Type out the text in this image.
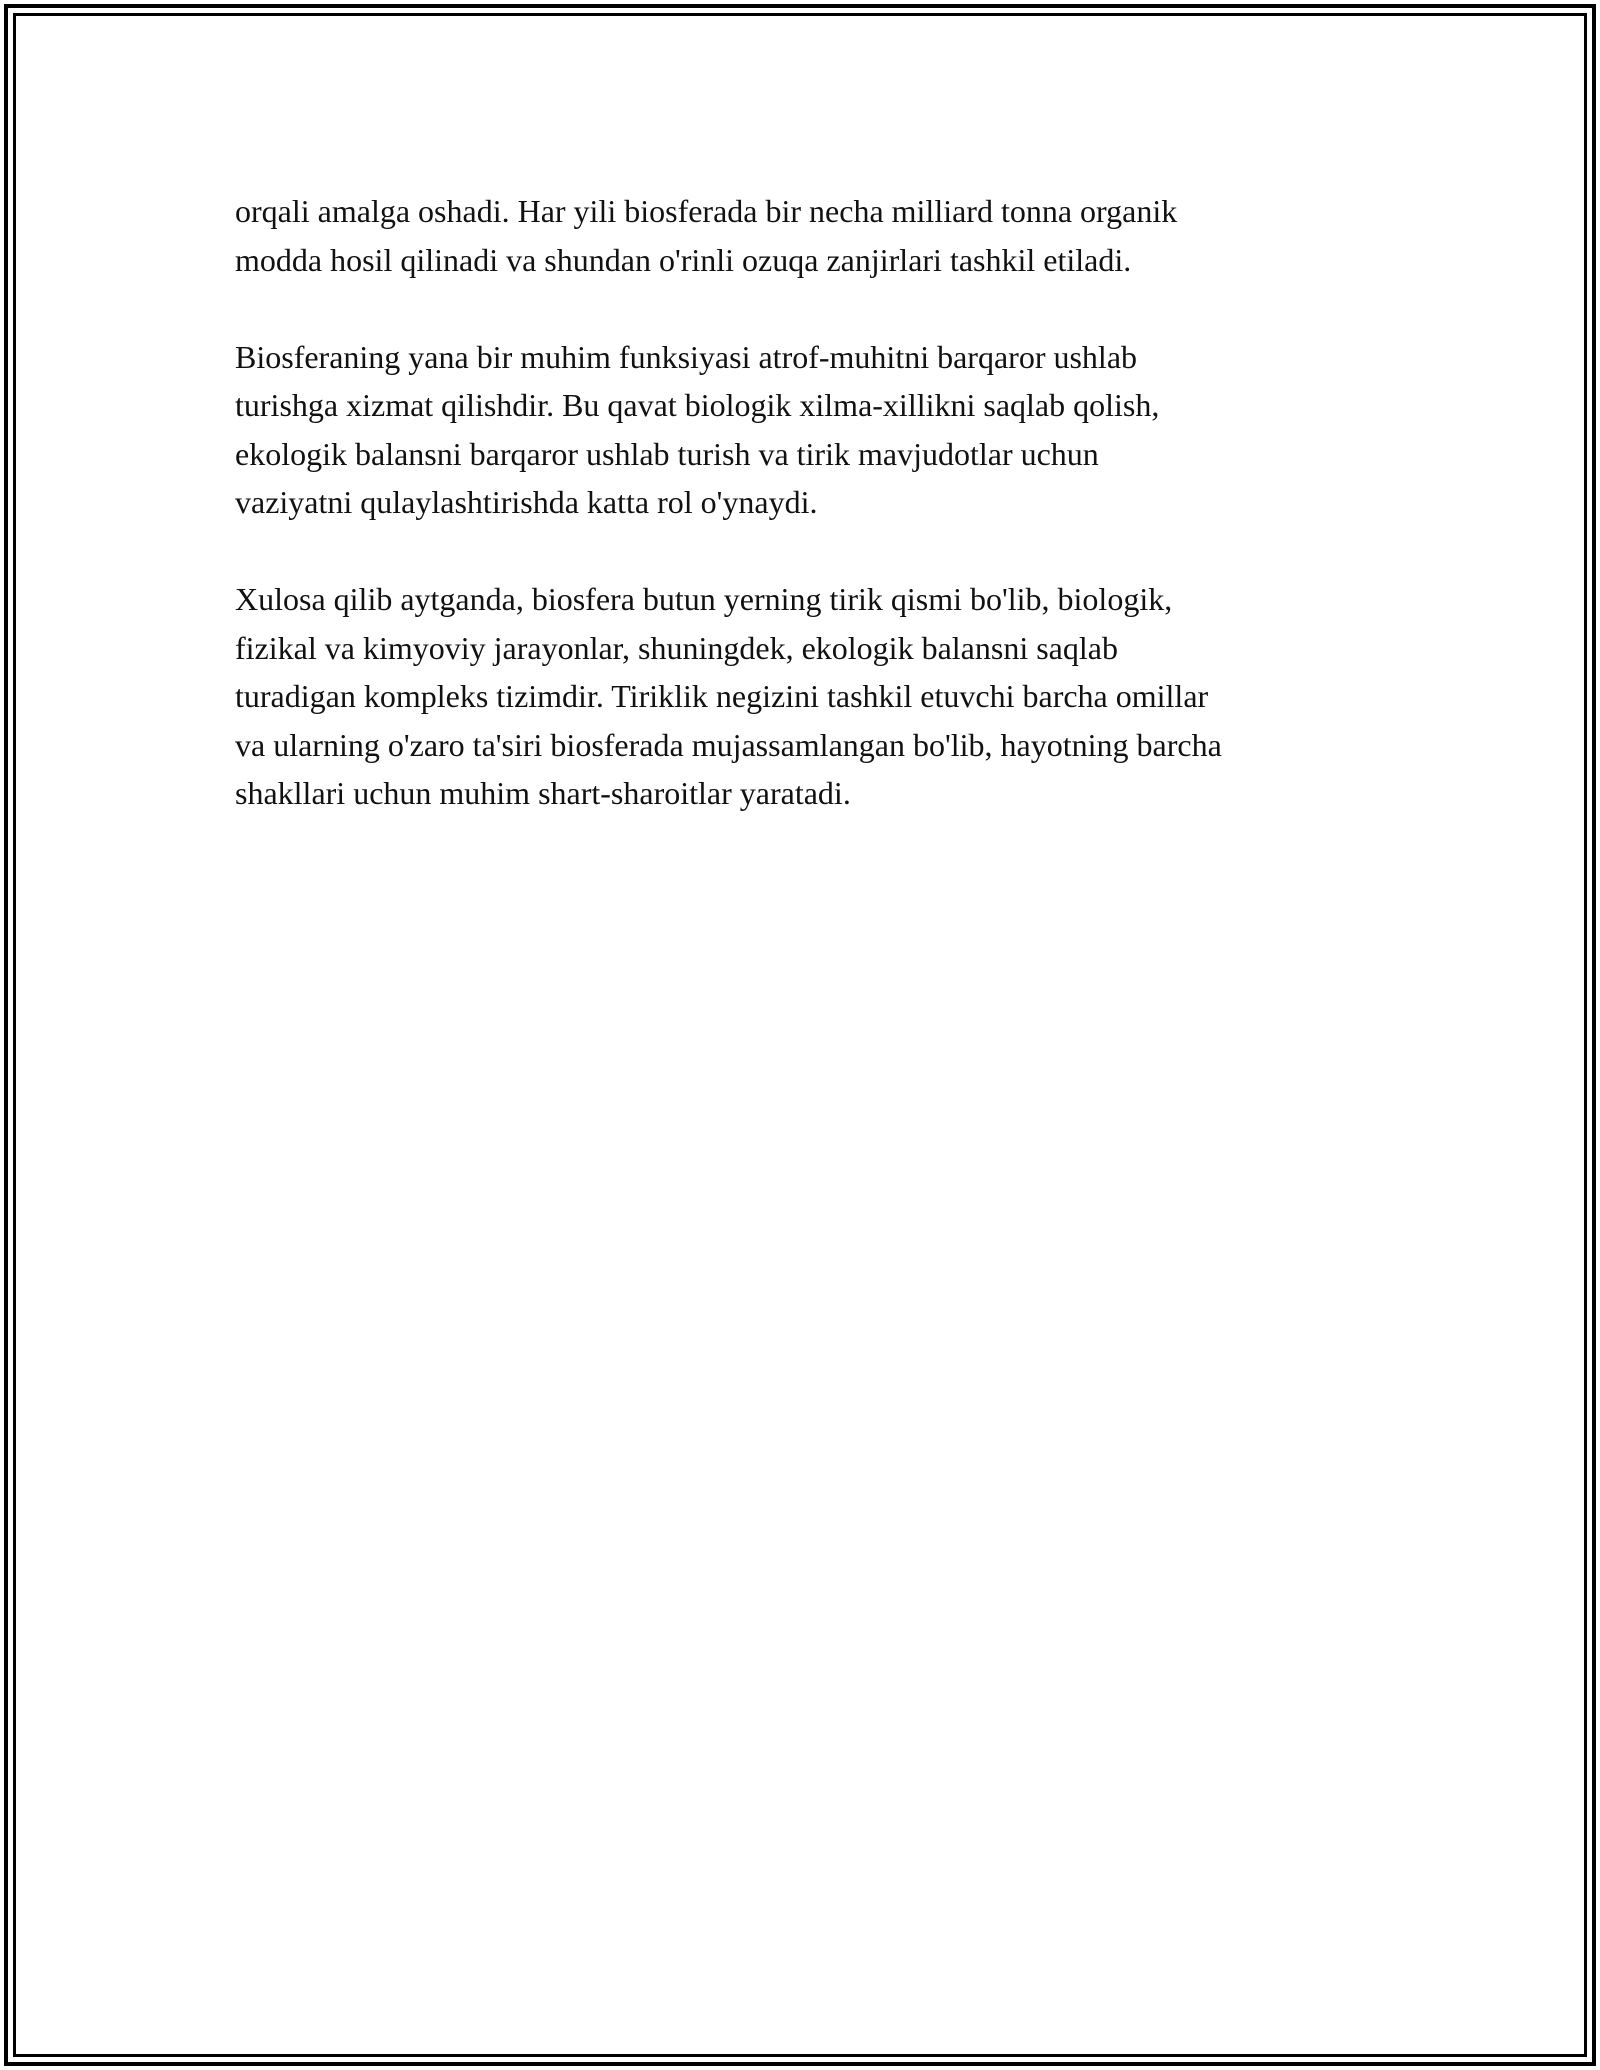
orqali amalga oshadi. Har yili biosferada bir necha milliard tonna organik
modda hosil qilinadi va shundan o'rinli ozuqa zanjirlari tashkil etiladi.

Biosferaning yana bir muhim funksiyasi atrof-muhitni barqaror ushlab
turishga xizmat qilishdir. Bu qavat biologik xilma-xillikni saqlab qolish,
ekologik balansni barqaror ushlab turish va tirik mavjudotlar uchun
vaziyatni qulaylashtirishda katta rol o'ynaydi.

Xulosa qilib aytganda, biosfera butun yerning tirik qismi bo'lib, biologik,
fizikal va kimyoviy jarayonlar, shuningdek, ekologik balansni saqlab
turadigan kompleks tizimdir. Tiriklik negizini tashkil etuvchi barcha omillar
va ularning o'zaro ta'siri biosferada mujassamlangan bo'lib, hayotning barcha
shakllari uchun muhim shart-sharoitlar yaratadi.
